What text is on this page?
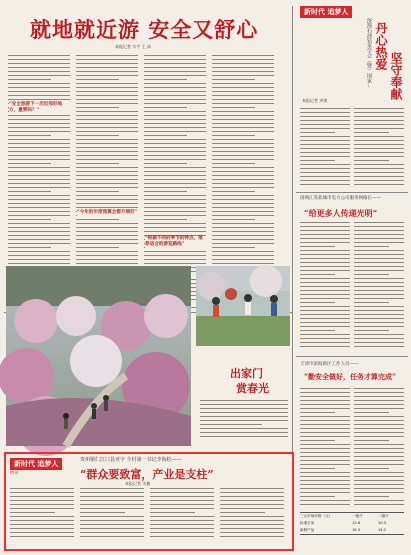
就地就近游 安全又舒心
本报记者 辛平 王 沛
“安全旅游下一次近郊好地方，重要吗？”
“今年的年度预算全都升规好”
“根据不同的季节的特点，推荐适合的游览路线”
新时代 追梦人
深海石油钻采学会（暨）国家... 丹心热爱
坚守奉献
本报记者 齐建
国网江苏盐城市电力公司服务网格长——
“给更多人传递光明”
天津市滨海新区工作人员——
“勤安全做好，任务才算完成”
三元市场价格（元）	一级片	二级片
标准日用	12.6	10.3
新鲜产品	16.3	14.2
出家门
赏春光
新时代 追梦人
特刊
贵州铜仁江口县亚字 全村第一书记李海松——
“群众要致富，产业是支柱”
本报记者 关楠
